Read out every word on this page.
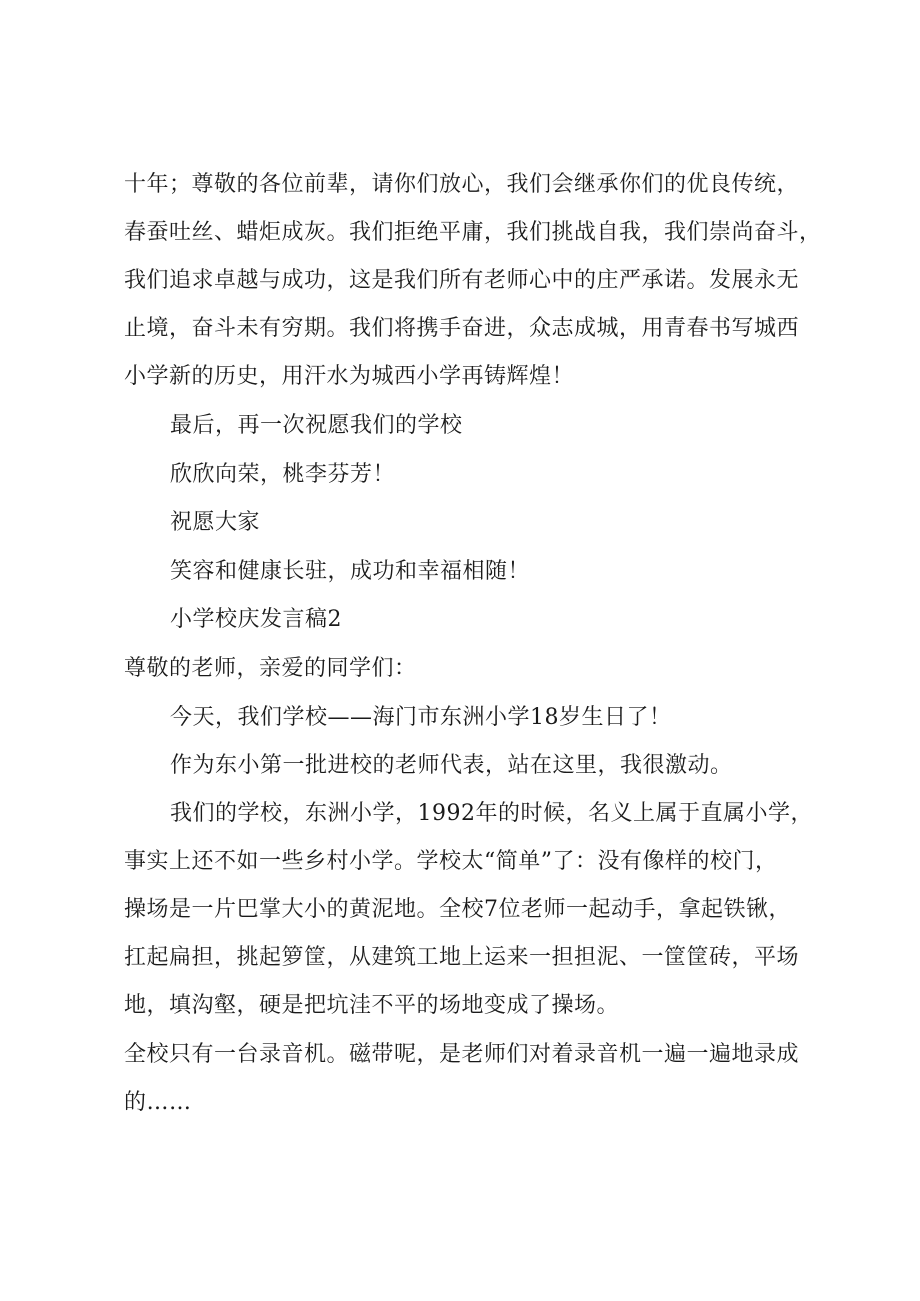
十年；尊敬的各位前辈，请你们放心，我们会继承你们的优良传统，
春蚕吐丝、蜡炬成灰。我们拒绝平庸，我们挑战自我，我们崇尚奋斗，
我们追求卓越与成功，这是我们所有老师心中的庄严承诺。发展永无
止境，奋斗未有穷期。我们将携手奋进，众志成城，用青春书写城西
小学新的历史，用汗水为城西小学再铸辉煌！
最后，再一次祝愿我们的学校
欣欣向荣，桃李芬芳！
祝愿大家
笑容和健康长驻，成功和幸福相随！
小学校庆发言稿2
尊敬的老师，亲爱的同学们：
今天，我们学校——海门市东洲小学18岁生日了！
作为东小第一批进校的老师代表，站在这里，我很激动。
我们的学校，东洲小学，1992年的时候，名义上属于直属小学，
事实上还不如一些乡村小学。学校太“简单”了：没有像样的校门，
操场是一片巴掌大小的黄泥地。全校7位老师一起动手，拿起铁锹，
扛起扁担，挑起箩筐，从建筑工地上运来一担担泥、一筐筐砖，平场
地，填沟壑，硬是把坑洼不平的场地变成了操场。
全校只有一台录音机。磁带呢，是老师们对着录音机一遍一遍地录成
的……
